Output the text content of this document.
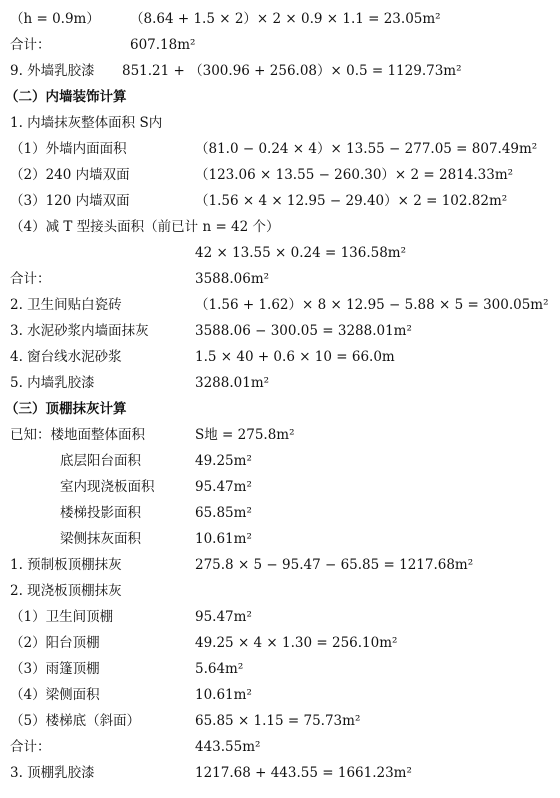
（h = 0.9m） （8.64 + 1.5 × 2）× 2 × 0.9 × 1.1 = 23.05m²
合计：	607.18m²
9. 外墙乳胶漆 851.21 + （300.96 + 256.08）× 0.5 = 1129.73m²
（二）内墙装饰计算
1. 内墙抹灰整体面积 S内
（1）外墙内面面积	（81.0 − 0.24 × 4）× 13.55 − 277.05 = 807.49m²
（2）240 内墙双面	（123.06 × 13.55 − 260.30）× 2 = 2814.33m²
（3）120 内墙双面	（1.56 × 4 × 12.95 − 29.40）× 2 = 102.82m²
（4）减 T 型接头面积（前已计 n = 42 个）
42 × 13.55 × 0.24 = 136.58m²
合计：	3588.06m²
2. 卫生间贴白瓷砖	（1.56 + 1.62）× 8 × 12.95 − 5.88 × 5 = 300.05m²
3. 水泥砂浆内墙面抹灰	3588.06 − 300.05 = 3288.01m²
4. 窗台线水泥砂浆	1.5 × 40 + 0.6 × 10 = 66.0m
5. 内墙乳胶漆	3288.01m²
（三）顶棚抹灰计算
已知：楼地面整体面积	S地 = 275.8m²
底层阳台面积	49.25m²
室内现浇板面积	95.47m²
楼梯投影面积	65.85m²
梁侧抹灰面积	10.61m²
1. 预制板顶棚抹灰	275.8 × 5 − 95.47 − 65.85 = 1217.68m²
2. 现浇板顶棚抹灰
（1）卫生间顶棚	95.47m²
（2）阳台顶棚	49.25 × 4 × 1.30 = 256.10m²
（3）雨篷顶棚	5.64m²
（4）梁侧面积	10.61m²
（5）楼梯底（斜面）	65.85 × 1.15 = 75.73m²
合计：	443.55m²
3. 顶棚乳胶漆	1217.68 + 443.55 = 1661.23m²
